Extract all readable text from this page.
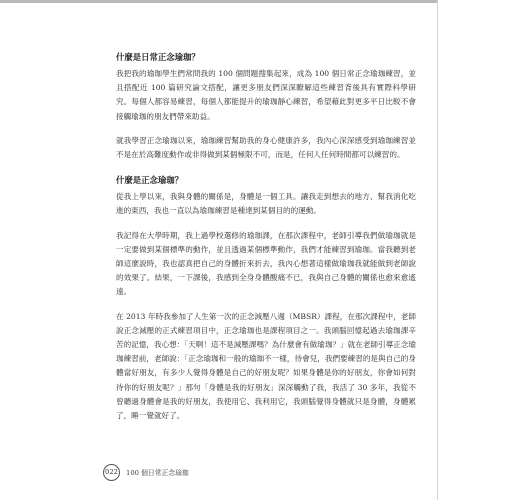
什麼是日常正念瑜珈？

我把我的瑜珈學生們常問我的 100 個問題搜集起來，成為 100 個日常正念瑜珈練習，並且搭配近 100 篇研究論文搭配，讓更多朋友們深深瞭解這些練習背後具有實際科學研究。每個人都容易練習，每個人都能提升的瑜珈靜心練習，希望藉此對更多平日比較不會接觸瑜珈的朋友們帶來助益。

就我學習正念瑜珈以來，瑜珈練習幫助我的身心健康許多，我內心深深感受到瑜珈練習並不是在於高難度動作或非得做到某個極限不可，而是，任何人任何時間都可以練習的。

什麼是正念瑜珈？

從我上學以來，我與身體的關係是，身體是一個工具。讓我走到想去的地方、幫我消化吃進的東西，我也一直以為瑜珈練習是種達到某個目的的運動。

我記得在大學時期，我上過學校選修的瑜珈課，在那次課程中，老師引導我們做瑜珈就是一定要做到某個標準的動作，並且透過某個標準動作，我們才能練習到瑜珈。當我聽到老師這麼說時，我也認真把自己的身體折來折去，我內心想著這樣做瑜珈我就能做到老師說的效果了。結果，一下課後，我感到全身身體酸痛不已，我與自己身體的關係也愈來愈遙遠。

在 2013 年時我參加了人生第一次的正念減壓八週（MBSR）課程，在那次課程中，老師說正念減壓的正式練習項目中，正念瑜珈也是課程項目之一。我頭腦回憶起過去瑜珈課辛苦的記憶，我心想：「天啊！這不是減壓課嗎？為什麼會有做瑜珈？」就在老師引導正念瑜珈練習前，老師說：「正念瑜珈和一般的瑜珈不一樣，待會兒，我們要練習的是與自己的身體當好朋友，有多少人覺得身體是自己的好朋友呢？如果身體是你的好朋友，你會如何對待你的好朋友呢？」那句「身體是我的好朋友」深深觸動了我，我活了 30 多年，我從不曾聽過身體會是我的好朋友，我使用它、我利用它，我頭腦覺得身體就只是身體，身體累了，睡一覺就好了。

022 100 個日常正念瑜珈
